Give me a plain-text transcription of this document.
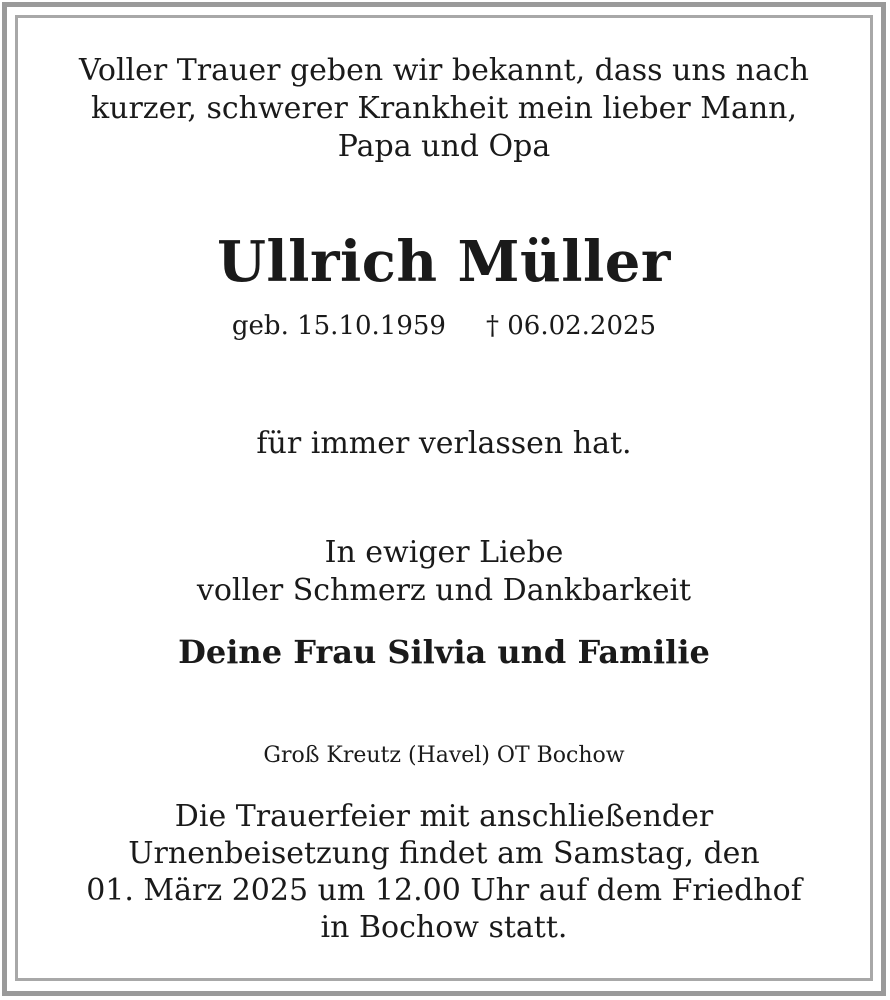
Voller Trauer geben wir bekannt, dass uns nach
kurzer, schwerer Krankheit mein lieber Mann,
Papa und Opa
Ullrich Müller
geb. 15.10.1959 † 06.02.2025
für immer verlassen hat.
In ewiger Liebe
voller Schmerz und Dankbarkeit
Deine Frau Silvia und Familie
Groß Kreutz (Havel) OT Bochow
Die Trauerfeier mit anschließender
Urnenbeisetzung findet am Samstag, den
01. März 2025 um 12.00 Uhr auf dem Friedhof
in Bochow statt.
